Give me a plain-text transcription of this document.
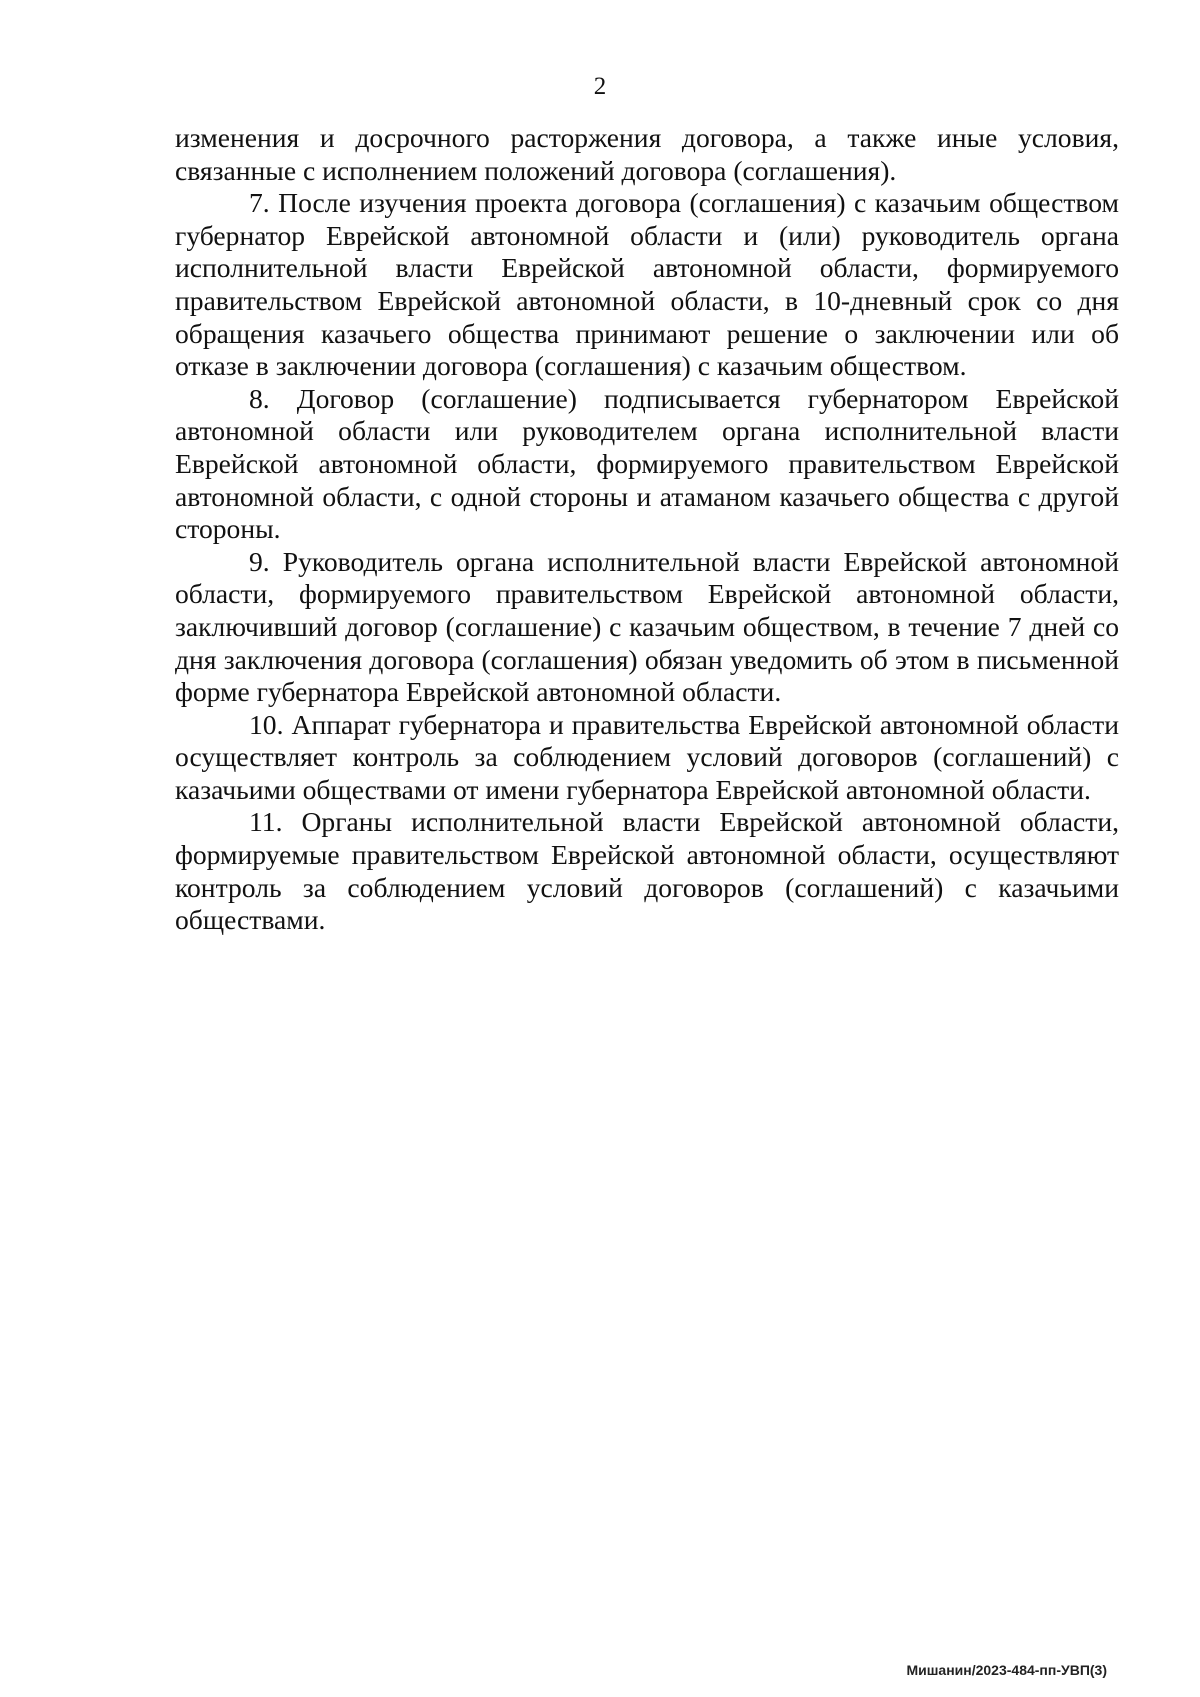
2

изменения и досрочного расторжения договора, а также иные условия, связанные с исполнением положений договора (соглашения).

7. После изучения проекта договора (соглашения) с казачьим обществом губернатор Еврейской автономной области и (или) руководитель органа исполнительной власти Еврейской автономной области, формируемого правительством Еврейской автономной области, в 10-дневный срок со дня обращения казачьего общества принимают решение о заключении или об отказе в заключении договора (соглашения) с казачьим обществом.

8. Договор (соглашение) подписывается губернатором Еврейской автономной области или руководителем органа исполнительной власти Еврейской автономной области, формируемого правительством Еврейской автономной области, с одной стороны и атаманом казачьего общества с другой стороны.

9. Руководитель органа исполнительной власти Еврейской автономной области, формируемого правительством Еврейской автономной области, заключивший договор (соглашение) с казачьим обществом, в течение 7 дней со дня заключения договора (соглашения) обязан уведомить об этом в письменной форме губернатора Еврейской автономной области.

10. Аппарат губернатора и правительства Еврейской автономной области осуществляет контроль за соблюдением условий договоров (соглашений) с казачьими обществами от имени губернатора Еврейской автономной области.

11. Органы исполнительной власти Еврейской автономной области, формируемые правительством Еврейской автономной области, осуществляют контроль за соблюдением условий договоров (соглашений) с казачьими обществами.

Мишанин/2023-484-пп-УВП(3)
